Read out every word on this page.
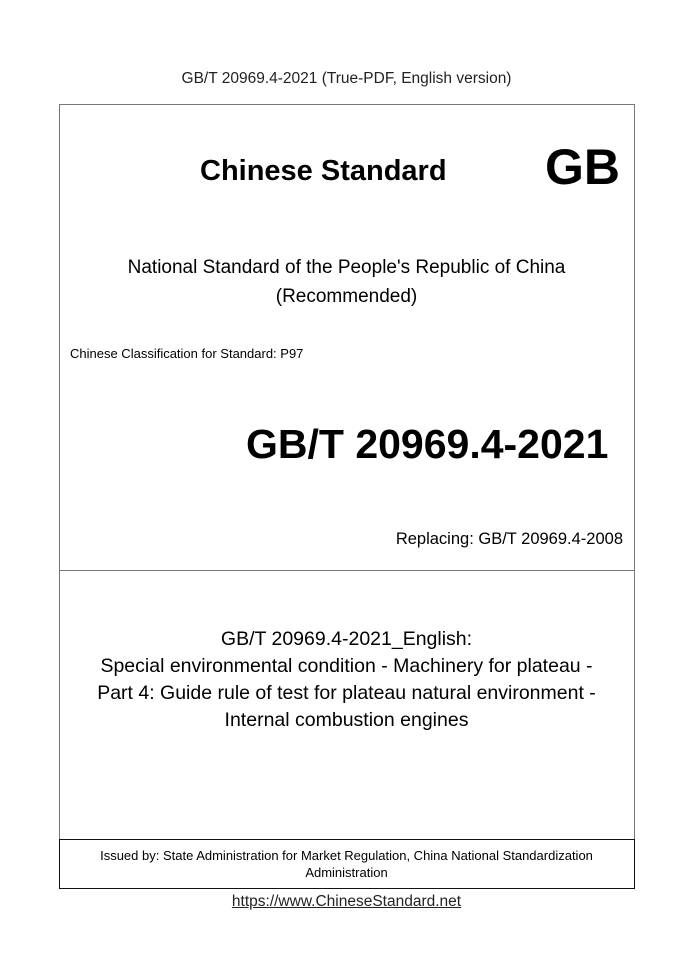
GB/T 20969.4-2021 (True-PDF, English version)
Chinese Standard GB
National Standard of the People's Republic of China
(Recommended)
Chinese Classification for Standard: P97
GB/T 20969.4-2021
Replacing: GB/T 20969.4-2008
GB/T 20969.4-2021_English:
Special environmental condition - Machinery for plateau -
Part 4: Guide rule of test for plateau natural environment -
Internal combustion engines
Issued by: State Administration for Market Regulation, China National Standardization
Administration
https://www.ChineseStandard.net
